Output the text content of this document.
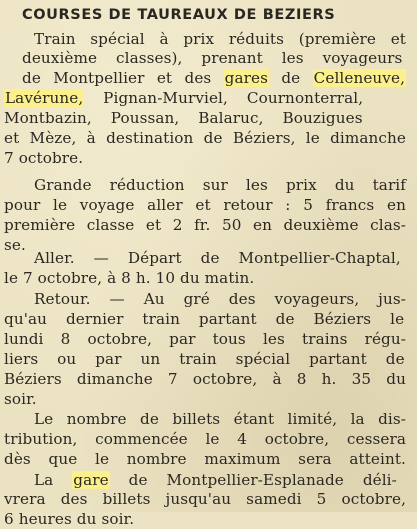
COURSES DE TAUREAUX DE BEZIERS
Train spécial à prix réduits (première et
deuxième classes), prenant les voyageurs
de Montpellier et des gares de Celleneuve,
Lavérune, Pignan-Murviel, Cournonterral,
Montbazin, Poussan, Balaruc, Bouzigues
et Mèze, à destination de Béziers, le dimanche
7 octobre.
Grande réduction sur les prix du tarif
pour le voyage aller et retour : 5 francs en
première classe et 2 fr. 50 en deuxième clas-
se.
Aller. — Départ de Montpellier-Chaptal,
le 7 octobre, à 8 h. 10 du matin.
Retour. — Au gré des voyageurs, jus-
qu'au dernier train partant de Béziers le
lundi 8 octobre, par tous les trains régu-
liers ou par un train spécial partant de
Béziers dimanche 7 octobre, à 8 h. 35 du
soir.
Le nombre de billets étant limité, la dis-
tribution, commencée le 4 octobre, cessera
dès que le nombre maximum sera atteint.
La gare de Montpellier-Esplanade déli-
vrera des billets jusqu'au samedi 5 octobre,
6 heures du soir.
